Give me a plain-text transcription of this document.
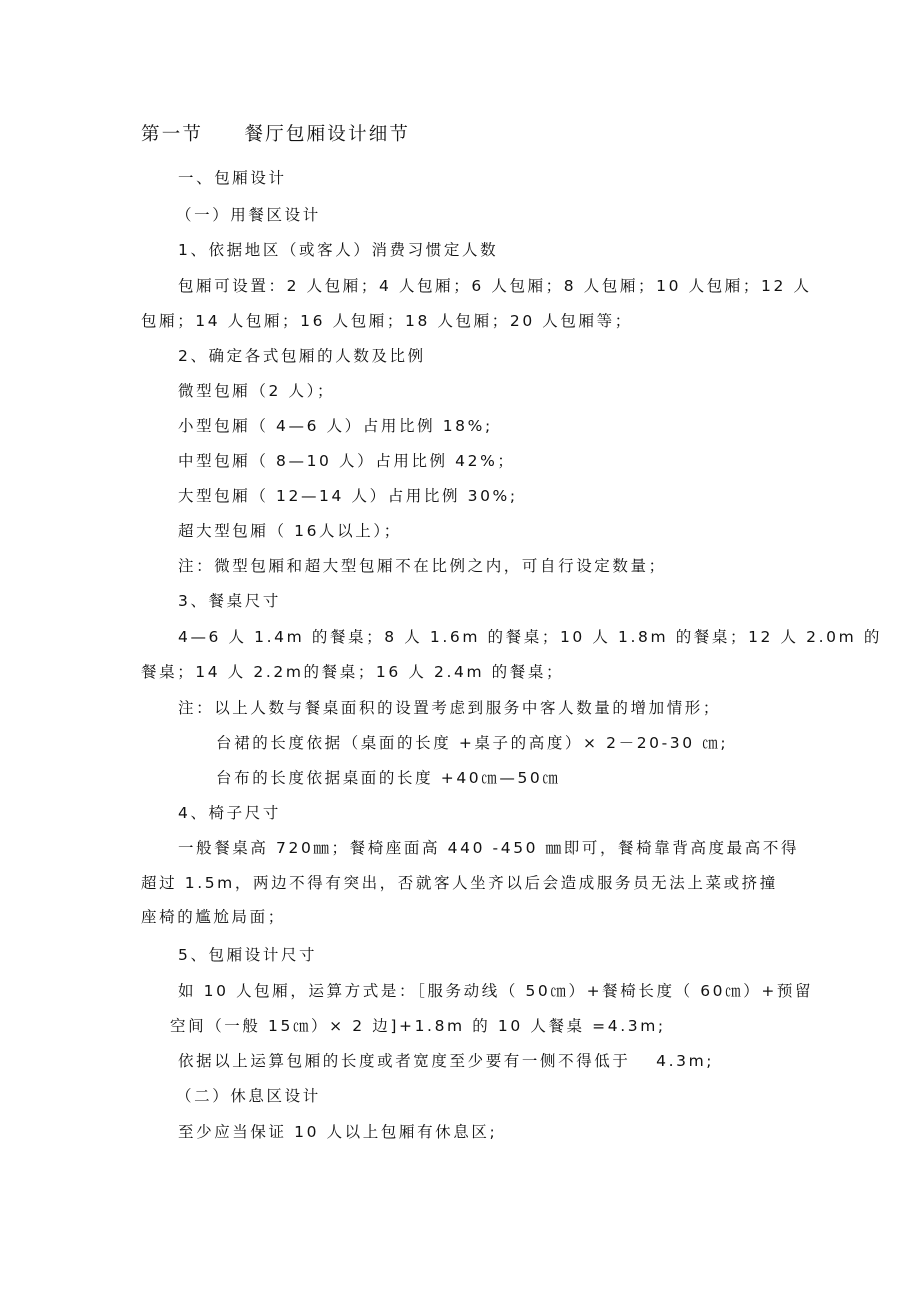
第一节　　餐厅包厢设计细节
一、包厢设计
（一）用餐区设计
1、依据地区（或客人）消费习惯定人数
包厢可设置：2 人包厢；4 人包厢；6 人包厢；8 人包厢；10 人包厢；12 人
包厢；14 人包厢；16 人包厢；18 人包厢；20 人包厢等；
2、确定各式包厢的人数及比例
微型包厢（2 人）；
小型包厢（ 4—6 人）占用比例 18%;
中型包厢（ 8—10 人）占用比例 42%；
大型包厢（ 12—14 人）占用比例 30%;
超大型包厢（ 16人以上）；
注：微型包厢和超大型包厢不在比例之内，可自行设定数量；
3、餐桌尺寸
4—6 人 1.4m 的餐桌；8 人 1.6m 的餐桌；10 人 1.8m 的餐桌；12 人 2.0m 的
餐桌；14 人 2.2m的餐桌；16 人 2.4m 的餐桌；
注：以上人数与餐桌面积的设置考虑到服务中客人数量的增加情形；
台裙的长度依据（桌面的长度 +桌子的高度）× 2－20-30 ㎝;
台布的长度依据桌面的长度 +40㎝—50㎝
4、椅子尺寸
一般餐桌高 720㎜；餐椅座面高 440 -450 ㎜即可，餐椅靠背高度最高不得
超过 1.5m，两边不得有突出，否就客人坐齐以后会造成服务员无法上菜或挤撞
座椅的尴尬局面；
5、包厢设计尺寸
如 10 人包厢，运算方式是：［服务动线（ 50㎝）+餐椅长度（ 60㎝）+预留
空间（一般 15㎝）× 2 边]+1.8m 的 10 人餐桌 =4.3m;
依据以上运算包厢的长度或者宽度至少要有一侧不得低于 　4.3m;
（二）休息区设计
至少应当保证 10 人以上包厢有休息区;
